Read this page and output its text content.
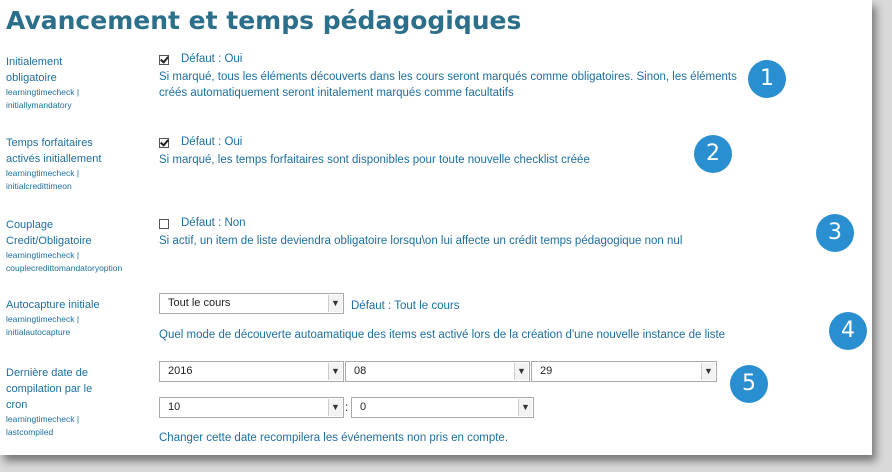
Avancement et temps pédagogiques
Initialement
obligatoire
learningtimecheck |
initiallymandatory
Défaut : Oui
Si marqué, tous les éléments découverts dans les cours seront marqués comme obligatoires. Sinon, les éléments
créés automatiquement seront initalement marqués comme facultatifs
1
Temps forfaitaires
activés initiallement
learningtimecheck |
initialcredittimeon
Défaut : Oui
Si marqué, les temps forfaitaires sont disponibles pour toute nouvelle checklist créée	2
Couplage
Credit/Obligatoire
learningtimecheck |
couplecredittomandatoryoption
Défaut : Non
Si actif, un item de liste deviendra obligatoire lorsqu\on lui affecte un crédit temps pédagogique non nul	3
Autocapture initiale
learningtimecheck |
initialautocapture
Tout le cours	▼ Défaut : Tout le cours
Quel mode de découverte autoamatique des items est activé lors de la création d'une nouvelle instance de liste	4
Dernière date de
compilation par le
cron
learningtimecheck |
lastcompiled
2016	▼	08	▼	29	▼
10	▼ :	0	▼
Changer cette date recompilera les événements non pris en compte.
5
